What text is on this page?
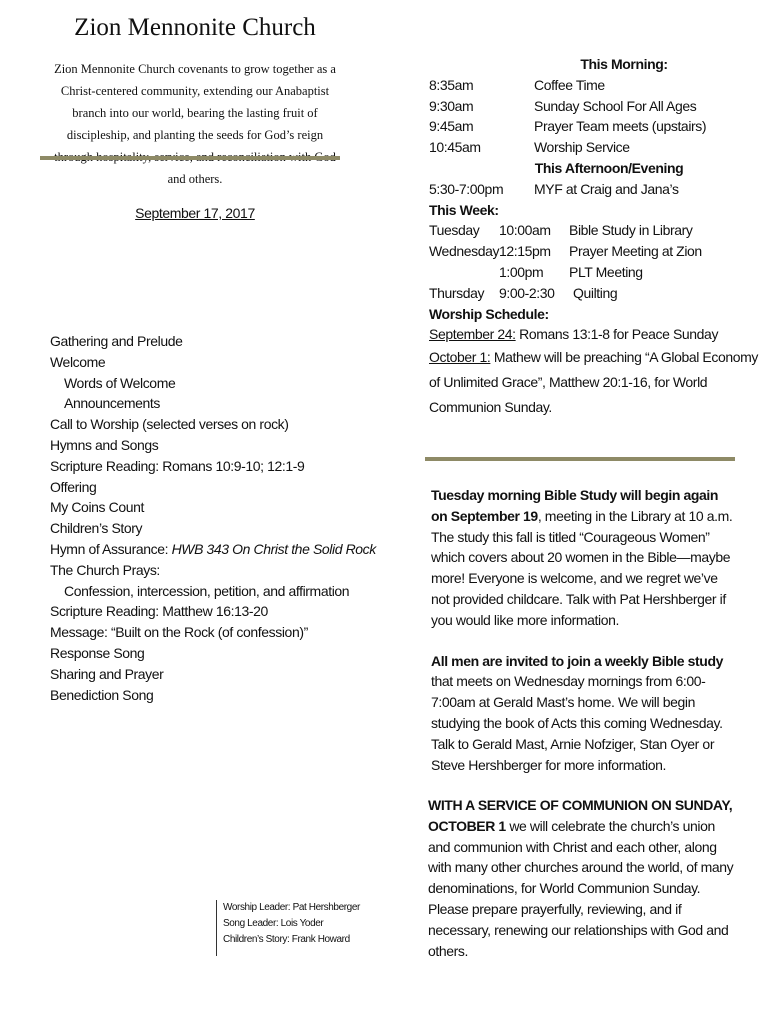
Zion Mennonite Church
Zion Mennonite Church covenants to grow together as a Christ-centered community, extending our Anabaptist branch into our world, bearing the lasting fruit of discipleship, and planting the seeds for God’s reign and others.
September 17, 2017
Gathering and Prelude
Welcome
Words of Welcome
Announcements
Call to Worship (selected verses on rock)
Hymns and Songs
Scripture Reading: Romans 10:9-10; 12:1-9
Offering
My Coins Count
Children’s Story
Hymn of Assurance: HWB 343 On Christ the Solid Rock
The Church Prays:
Confession, intercession, petition, and affirmation
Scripture Reading: Matthew 16:13-20
Message: “Built on the Rock (of confession)”
Response Song
Sharing and Prayer
Benediction Song
Worship Leader: Pat Hershberger
Song Leader: Lois Yoder
Children’s Story: Frank Howard
This Morning:
8:35am	Coffee Time
9:30am	Sunday School For All Ages
9:45am	Prayer Team meets (upstairs)
10:45am	Worship Service
This Afternoon/Evening
5:30-7:00pm	MYF at Craig and Jana’s
This Week:
Tuesday	10:00am	Bible Study in Library
Wednesday 12:15pm	Prayer Meeting at Zion
1:00pm	PLT Meeting
Thursday	9:00-2:30	Quilting
Worship Schedule:
September 24:
Romans 13:1-8 for Peace Sunday
October 1: Mathew will be preaching “A Global Economy of Unlimited Grace”, Matthew 20:1-16, for World Communion Sunday.

Tuesday morning Bible Study will begin again on September 19, meeting in the Library at 10 a.m. The study this fall is titled “Courageous Women” which covers about 20 women in the Bible—maybe more! Everyone is welcome, and we regret we’ve not provided childcare. Talk with Pat Hershberger if you would like more information.

All men are invited to join a weekly Bible study that meets on Wednesday mornings from 6:00-7:00am at Gerald Mast’s home. We will begin studying the book of Acts this coming Wednesday. Talk to Gerald Mast, Arnie Nofziger, Stan Oyer or Steve Hershberger for more information.

WITH A SERVICE OF COMMUNION ON SUNDAY, OCTOBER 1 we will celebrate the church’s union and communion with Christ and each other, along with many other churches around the world, of many denominations, for World Communion Sunday. Please prepare prayerfully, reviewing, and if necessary, renewing our relationships with God and others.
